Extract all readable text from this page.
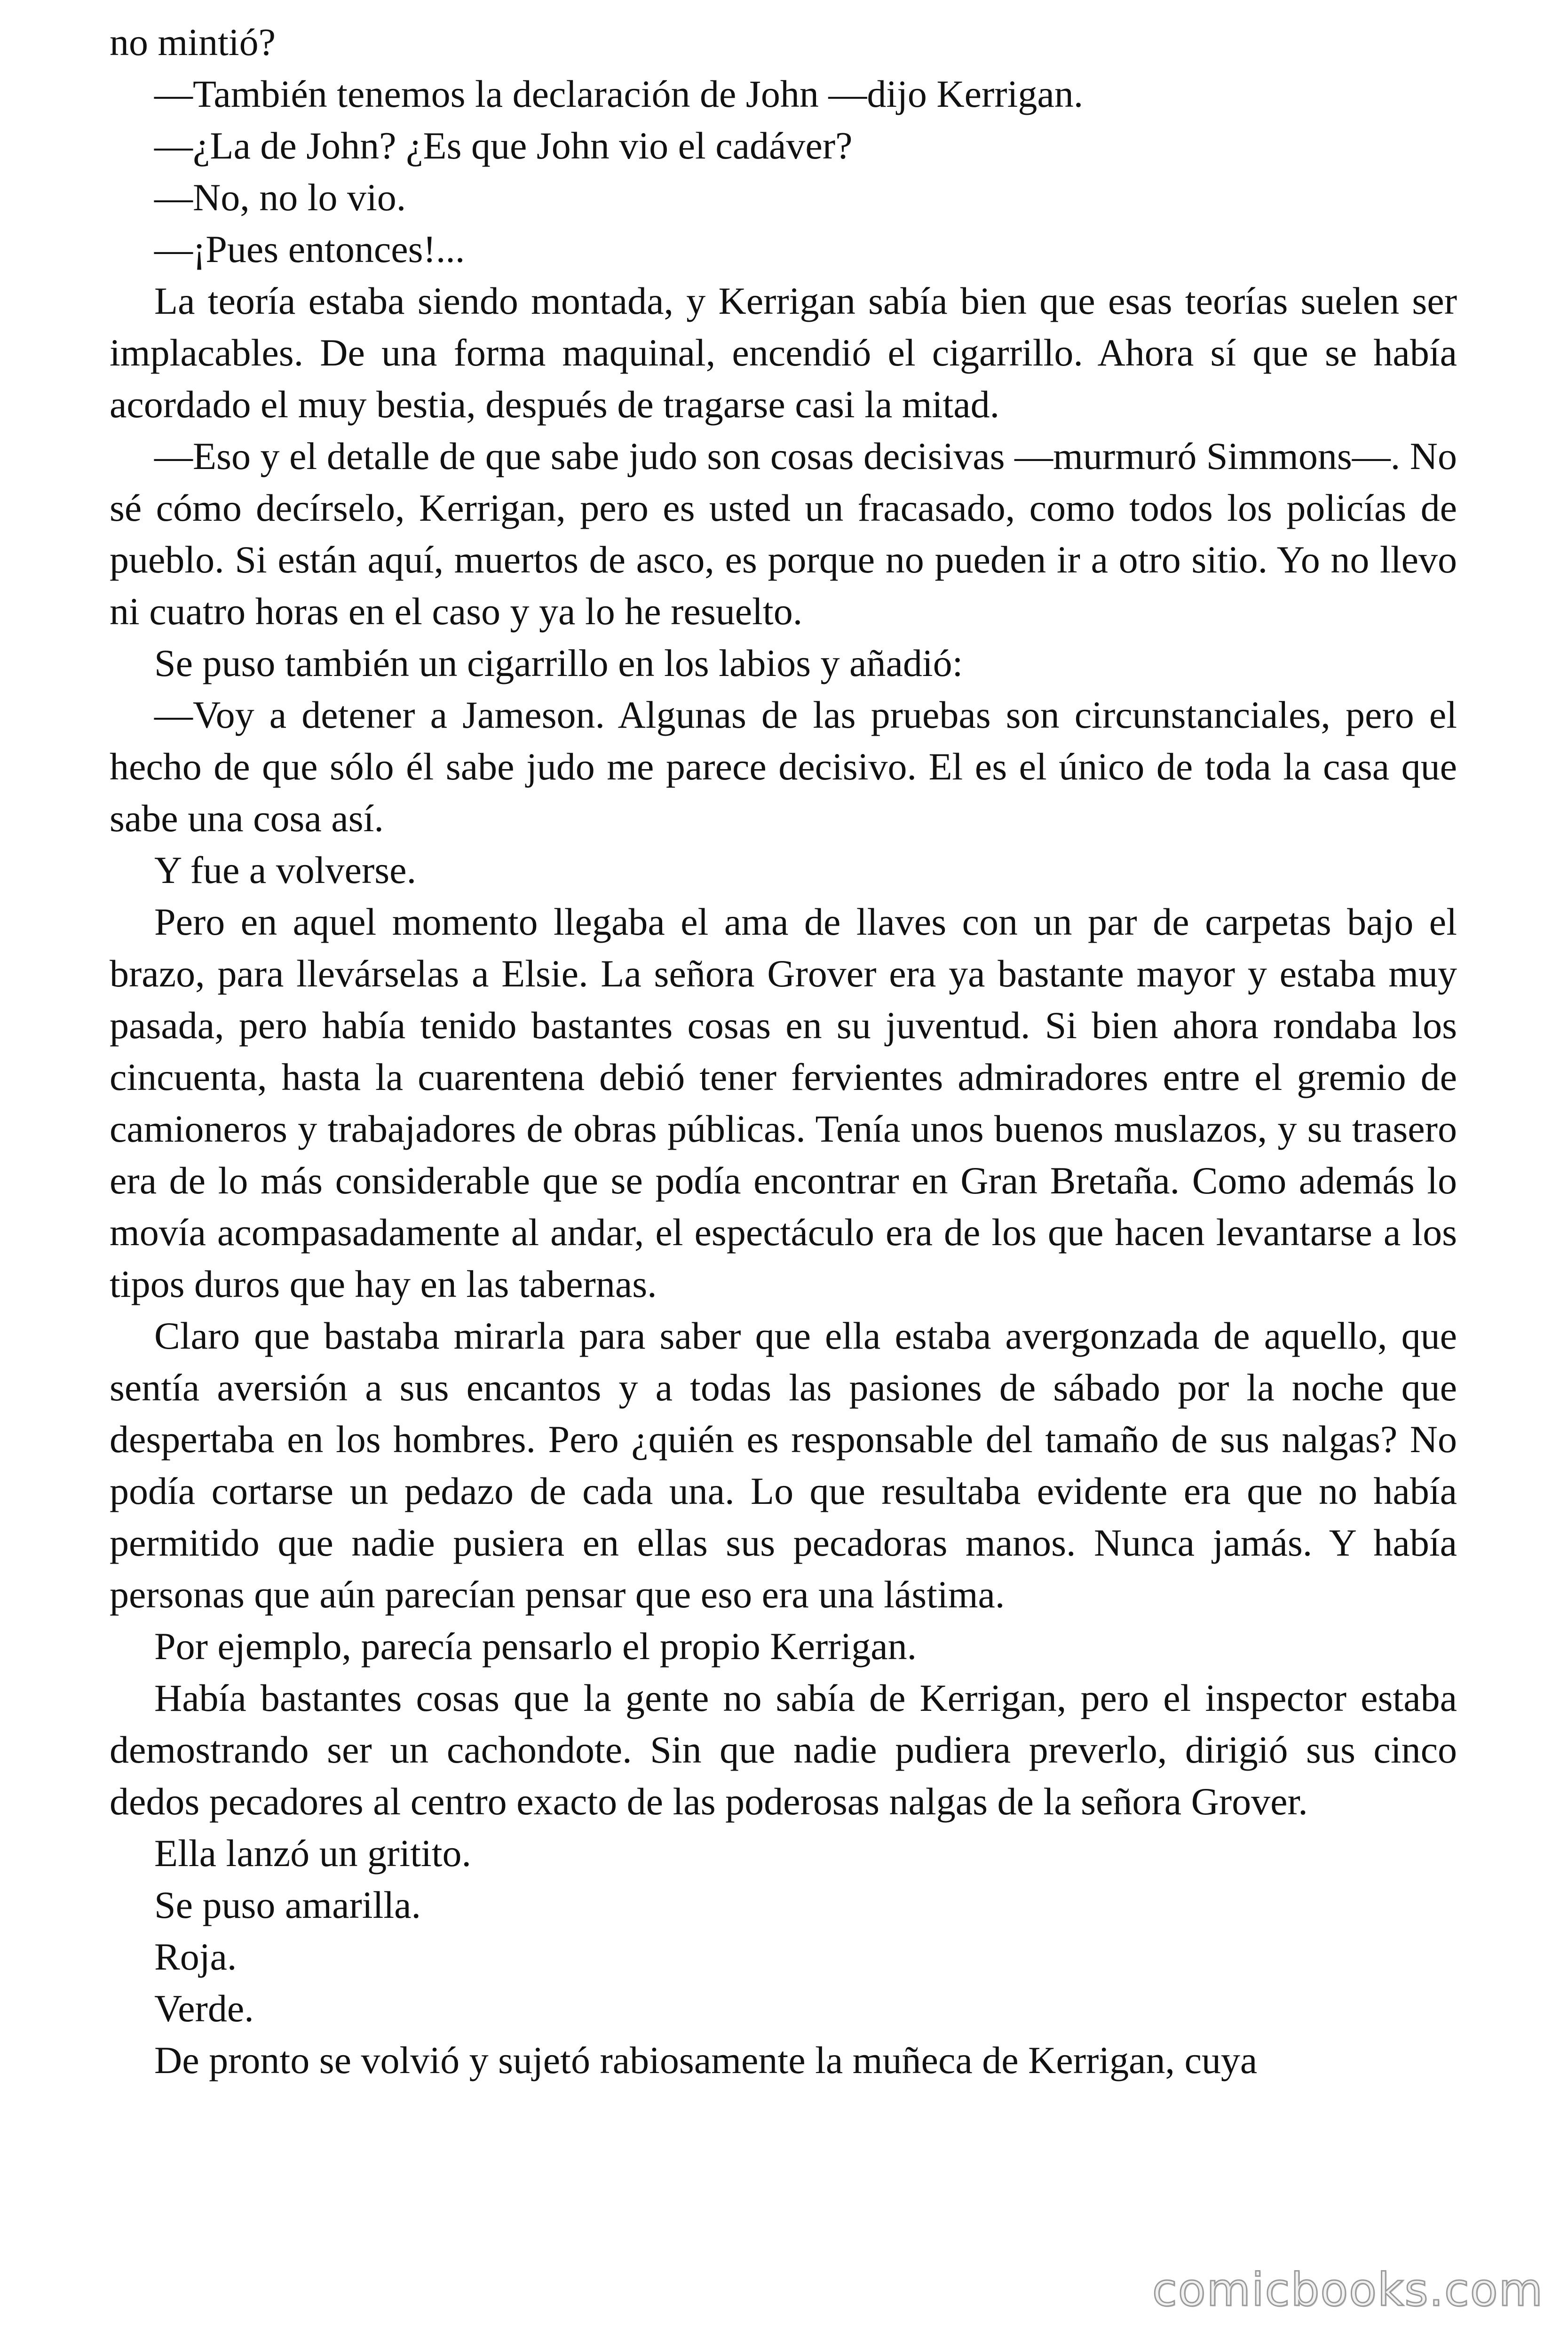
no mintió?

—También tenemos la declaración de John —dijo Kerrigan.

—¿La de John? ¿Es que John vio el cadáver?

—No, no lo vio.

—¡Pues entonces!...

La teoría estaba siendo montada, y Kerrigan sabía bien que esas teorías suelen ser implacables. De una forma maquinal, encendió el cigarrillo. Ahora sí que se había acordado el muy bestia, después de tragarse casi la mitad.

—Eso y el detalle de que sabe judo son cosas decisivas —murmuró Simmons—. No sé cómo decírselo, Kerrigan, pero es usted un fracasado, como todos los policías de pueblo. Si están aquí, muertos de asco, es porque no pueden ir a otro sitio. Yo no llevo ni cuatro horas en el caso y ya lo he resuelto.

Se puso también un cigarrillo en los labios y añadió:

—Voy a detener a Jameson. Algunas de las pruebas son circunstanciales, pero el hecho de que sólo él sabe judo me parece decisivo. El es el único de toda la casa que sabe una cosa así.

Y fue a volverse.

Pero en aquel momento llegaba el ama de llaves con un par de carpetas bajo el brazo, para llevárselas a Elsie. La señora Grover era ya bastante mayor y estaba muy pasada, pero había tenido bastantes cosas en su juventud. Si bien ahora rondaba los cincuenta, hasta la cuarentena debió tener fervientes admiradores entre el gremio de camioneros y trabajadores de obras públicas. Tenía unos buenos muslazos, y su trasero era de lo más considerable que se podía encontrar en Gran Bretaña. Como además lo movía acompasadamente al andar, el espectáculo era de los que hacen levantarse a los tipos duros que hay en las tabernas.

Claro que bastaba mirarla para saber que ella estaba avergonzada de aquello, que sentía aversión a sus encantos y a todas las pasiones de sábado por la noche que despertaba en los hombres. Pero ¿quién es responsable del tamaño de sus nalgas? No podía cortarse un pedazo de cada una. Lo que resultaba evidente era que no había permitido que nadie pusiera en ellas sus pecadoras manos. Nunca jamás. Y había personas que aún parecían pensar que eso era una lástima.

Por ejemplo, parecía pensarlo el propio Kerrigan.

Había bastantes cosas que la gente no sabía de Kerrigan, pero el inspector estaba demostrando ser un cachondote. Sin que nadie pudiera preverlo, dirigió sus cinco dedos pecadores al centro exacto de las poderosas nalgas de la señora Grover.

Ella lanzó un gritito.

Se puso amarilla.

Roja.

Verde.

De pronto se volvió y sujetó rabiosamente la muñeca de Kerrigan, cuya

comicbooks.com
